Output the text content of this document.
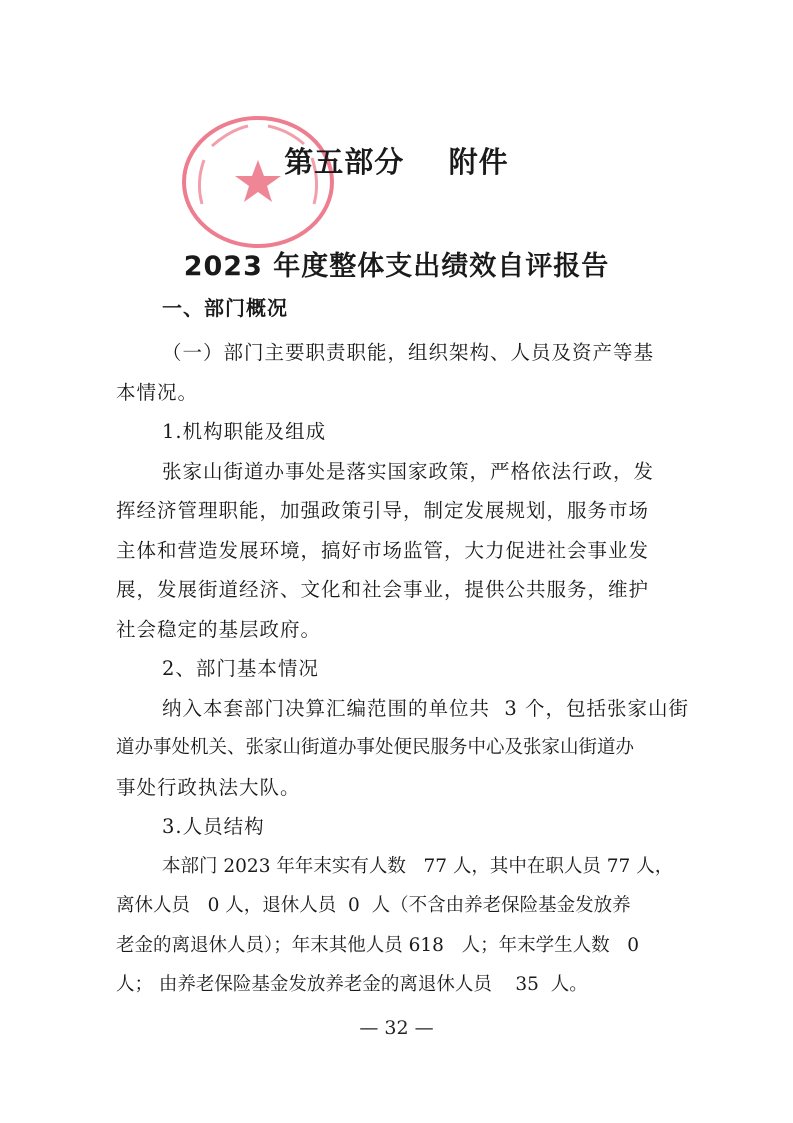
第五部分    附件
2023 年度整体支出绩效自评报告
一、部门概况
（一）部门主要职责职能，组织架构、人员及资产等基
本情况。
1.机构职能及组成
张家山街道办事处是落实国家政策，严格依法行政，发
挥经济管理职能，加强政策引导，制定发展规划，服务市场
主体和营造发展环境，搞好市场监管，大力促进社会事业发
展，发展街道经济、文化和社会事业，提供公共服务，维护
社会稳定的基层政府。
2、部门基本情况
纳入本套部门决算汇编范围的单位共  3 个，包括张家山街
道办事处机关、张家山街道办事处便民服务中心及张家山街道办
事处行政执法大队。
3.人员结构
本部门 2023 年年末实有人数   77 人，其中在职人员 77 人，
离休人员   0 人，退休人员  0  人（不含由养老保险基金发放养
老金的离退休人员）；年末其他人员 618   人；年末学生人数   0
人； 由养老保险基金发放养老金的离退休人员    35  人。
— 32 —
